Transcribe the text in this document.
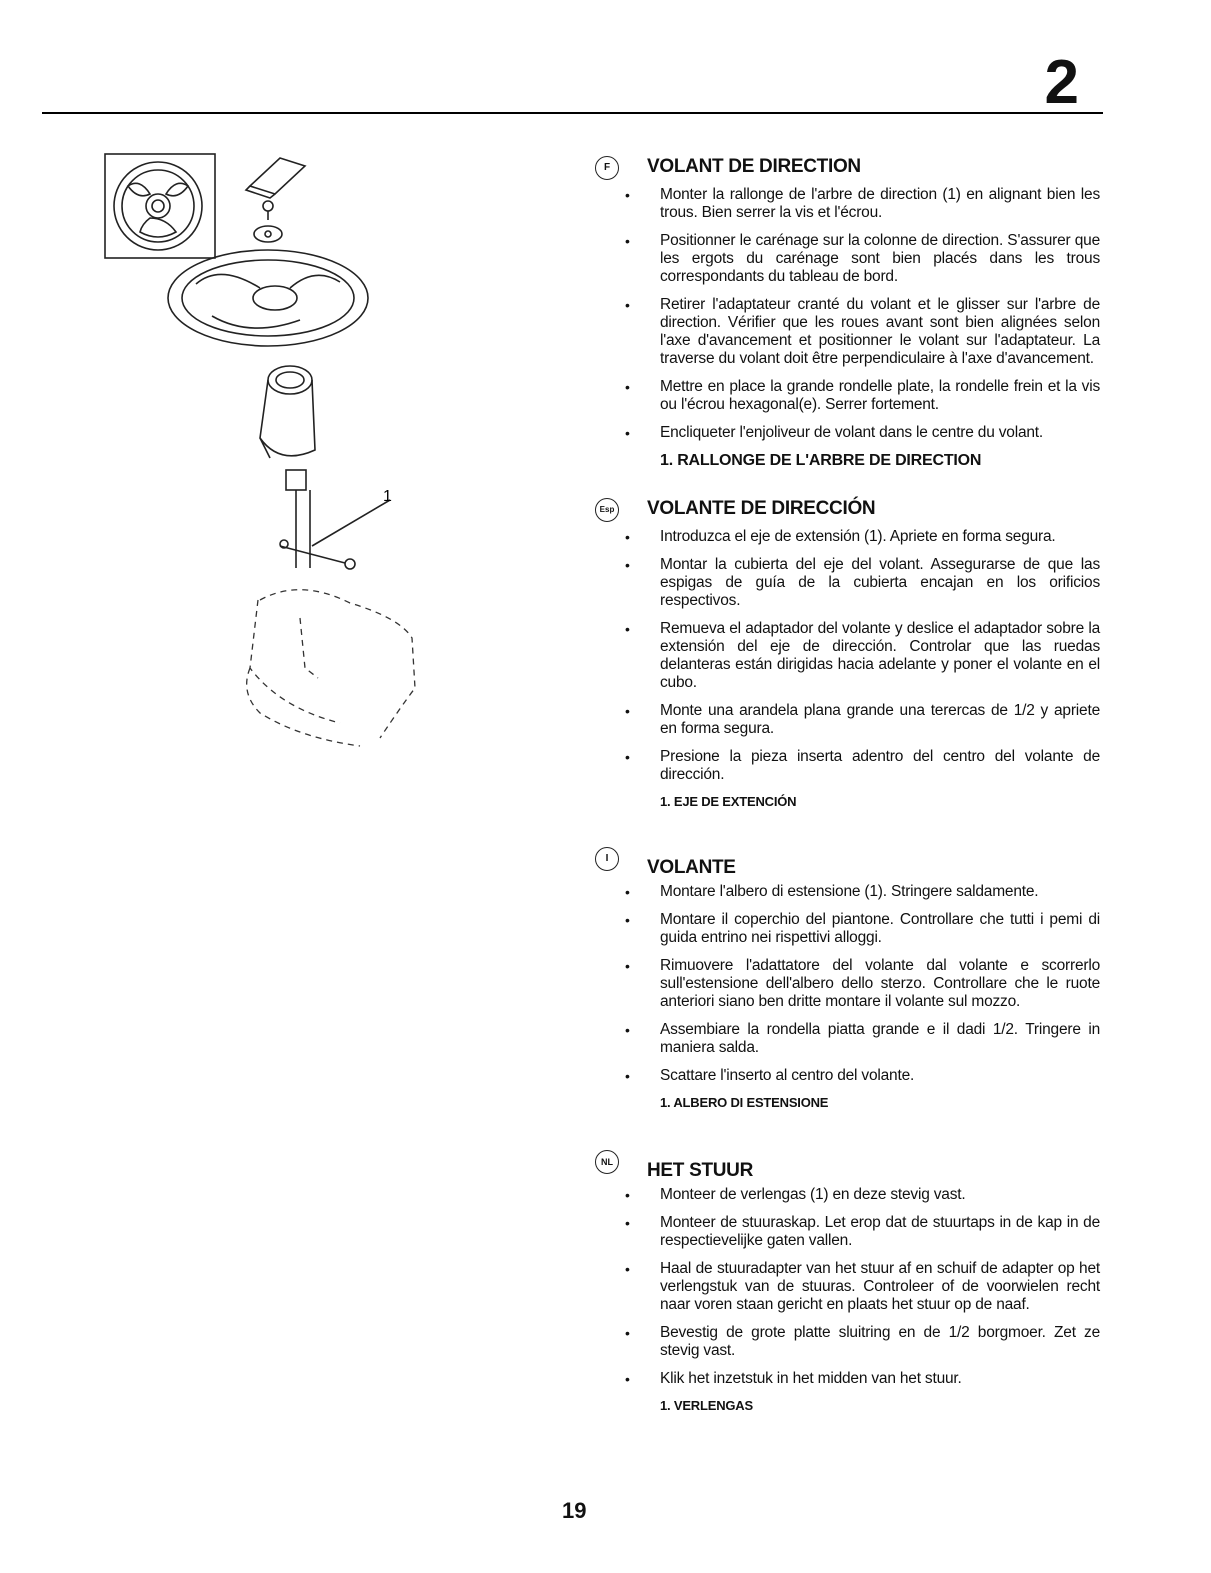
2
1
F	VOLANT DE DIRECTION
• Monter la rallonge de l'arbre de direction (1) en alignant bien les trous. Bien serrer la vis et l'écrou.
• Positionner le carénage sur la colonne de direction. S'assurer que les ergots du carénage sont bien placés dans les trous correspondants du tableau de bord.
• Retirer l'adaptateur cranté du volant et le glisser sur l'arbre de direction. Vérifier que les roues avant sont bien alignées selon l'axe d'avancement et positionner le volant sur l'adaptateur. La traverse du volant doit être perpendiculaire à l'axe d'avancement.
• Mettre en place la grande rondelle plate, la rondelle frein et la vis ou l'écrou hexagonal(e). Serrer fortement.
• Encliqueter l'enjoliveur de volant dans le centre du volant.
1. RALLONGE DE L'ARBRE DE DIRECTION
Esp VOLANTE DE DIRECCIÓN
• Introduzca el eje de extensión (1). Apriete en forma segura.
• Montar la cubierta del eje del volant. Assegurarse de que las espigas de guía de la cubierta encajan en los orificios respectivos.
• Remueva el adaptador del volante y deslice el adaptador sobre la extensión del eje de dirección. Controlar que las ruedas delanteras están dirigidas hacia adelante y poner el volante en el cubo.
• Monte una arandela plana grande una terercas de 1/2 y apriete en forma segura.
• Presione la pieza inserta adentro del centro del volante de dirección.
1. EJE DE EXTENCIÓN
I	VOLANTE
• Montare l'albero di estensione (1). Stringere saldamente.
• Montare il coperchio del piantone. Controllare che tutti i pemi di guida entrino nei rispettivi alloggi.
• Rimuovere l'adattatore del volante dal volante e scorrerlo sull'estensione dell'albero dello sterzo. Controllare che le ruote anteriori siano ben dritte montare il volante sul mozzo.
• Assembiare la rondella piatta grande e il dadi 1/2. Tringere in maniera salda.
• Scattare l'inserto al centro del volante.
1. ALBERO DI ESTENSIONE
NL	HET STUUR
• Monteer de verlengas (1) en deze stevig vast.
• Monteer de stuuraskap. Let erop dat de stuurtaps in de kap in de respectievelijke gaten vallen.
• Haal de stuuradapter van het stuur af en schuif de adapter op het verlengstuk van de stuuras. Controleer of de voorwielen recht naar voren staan gericht en plaats het stuur op de naaf.
• Bevestig de grote platte sluitring en de 1/2 borgmoer. Zet ze stevig vast.
• Klik het inzetstuk in het midden van het stuur.
1. VERLENGAS
19
